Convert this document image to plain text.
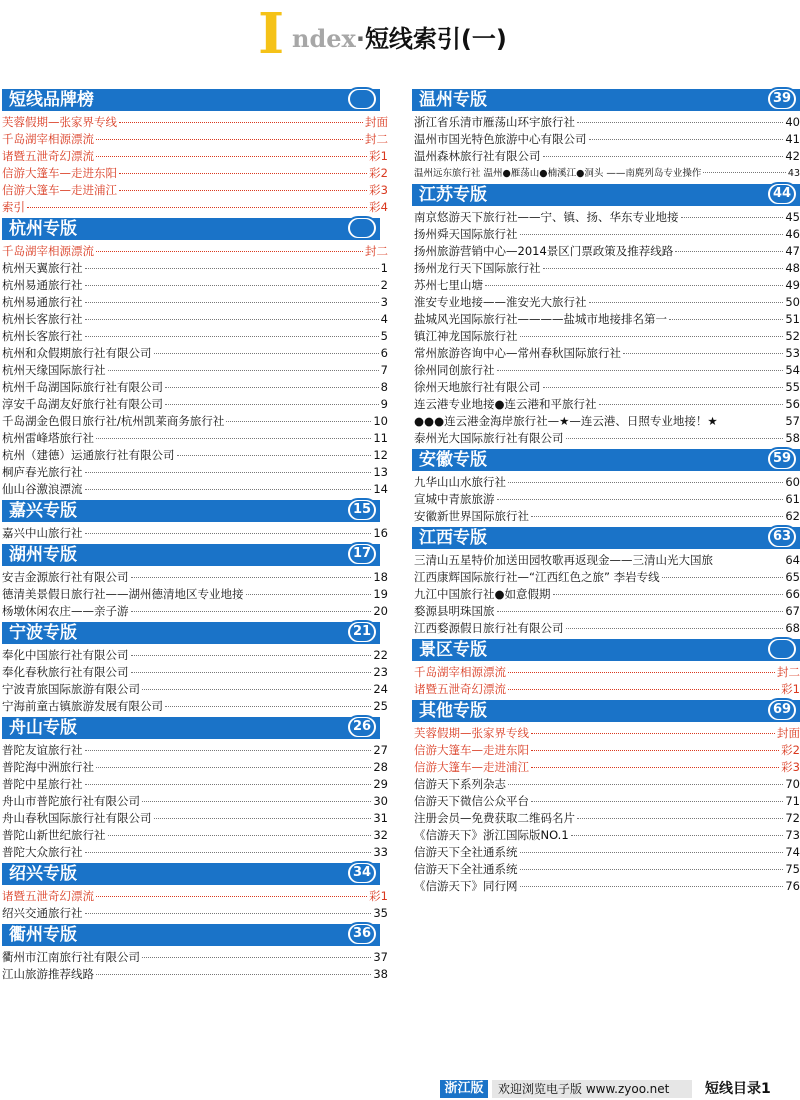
I ndex·短线索引(一)
短线品牌榜
芙蓉假期—张家界专线	封面
千岛湖宰相源漂流	封二
诸暨五泄奇幻漂流	彩1
信游大篷车—走进东阳	彩2
信游大篷车—走进浦江	彩3
索引	彩4
杭州专版
千岛湖宰相源漂流	封二
杭州天翼旅行社	1
杭州易通旅行社	2
杭州易通旅行社	3
杭州长客旅行社	4
杭州长客旅行社	5
杭州和众假期旅行社有限公司	6
杭州天缘国际旅行社	7
杭州千岛湖国际旅行社有限公司	8
淳安千岛湖友好旅行社有限公司	9
千岛湖金色假日旅行社/杭州凯莱商务旅行社	10
杭州雷峰塔旅行社	11
杭州（建德）运通旅行社有限公司	12
桐庐春光旅行社	13
仙山谷激浪漂流	14
嘉兴专版	15
嘉兴中山旅行社	16
湖州专版	17
安吉金源旅行社有限公司	18
德清美景假日旅行社——湖州德清地区专业地接	19
杨墩休闲农庄——亲子游	20
宁波专版	21
奉化中国旅行社有限公司	22
奉化春秋旅行社有限公司	23
宁波青旅国际旅游有限公司	24
宁海前童古镇旅游发展有限公司	25
舟山专版	26
普陀友谊旅行社	27
普陀海中洲旅行社	28
普陀中星旅行社	29
舟山市普陀旅行社有限公司	30
舟山春秋国际旅行社有限公司	31
普陀山新世纪旅行社	32
普陀大众旅行社	33
绍兴专版	34
诸暨五泄奇幻漂流	彩1
绍兴交通旅行社	35
衢州专版	36
衢州市江南旅行社有限公司	37
江山旅游推荐线路	38
温州专版	39
浙江省乐清市雁荡山环宇旅行社	40
温州市国光特色旅游中心有限公司	41
温州森林旅行社有限公司	42
温州远东旅行社 温州●雁荡山●楠溪江●洞头 ——南麂列岛专业操作	43
江苏专版	44
南京悠游天下旅行社——宁、镇、扬、华东专业地接	45
扬州舜天国际旅行社	46
扬州旅游营销中心—2014景区门票政策及推荐线路	47
扬州龙行天下国际旅行社	48
苏州七里山塘	49
淮安专业地接——淮安光大旅行社	50
盐城风光国际旅行社————盐城市地接排名第一	51
镇江神龙国际旅行社	52
常州旅游咨询中心—常州春秋国际旅行社	53
徐州同创旅行社	54
徐州天地旅行社有限公司	55
连云港专业地接●连云港和平旅行社	56
●●●连云港金海岸旅行社—★—连云港、日照专业地接！★	57
泰州光大国际旅行社有限公司	58
安徽专版	59
九华山山水旅行社	60
宣城中青旅旅游	61
安徽新世界国际旅行社	62
江西专版	63
三清山五星特价加送田园牧歌再返现金——三清山光大国旅	64
江西康辉国际旅行社—“江西红色之旅” 李岩专线	65
九江中国旅行社●如意假期	66
婺源县明珠国旅	67
江西婺源假日旅行社有限公司	68
景区专版
千岛湖宰相源漂流	封二
诸暨五泄奇幻漂流	彩1
其他专版	69
芙蓉假期—张家界专线	封面
信游大篷车—走进东阳	彩2
信游大篷车—走进浦江	彩3
信游天下系列杂志	70
信游天下微信公众平台	71
注册会员—免费获取二维码名片	72
《信游天下》浙江国际版NO.1	73
信游天下全社通系统	74
信游天下全社通系统	75
《信游天下》同行网	76
浙江版	欢迎浏览电子版 www.zyoo.net	短线目录1
